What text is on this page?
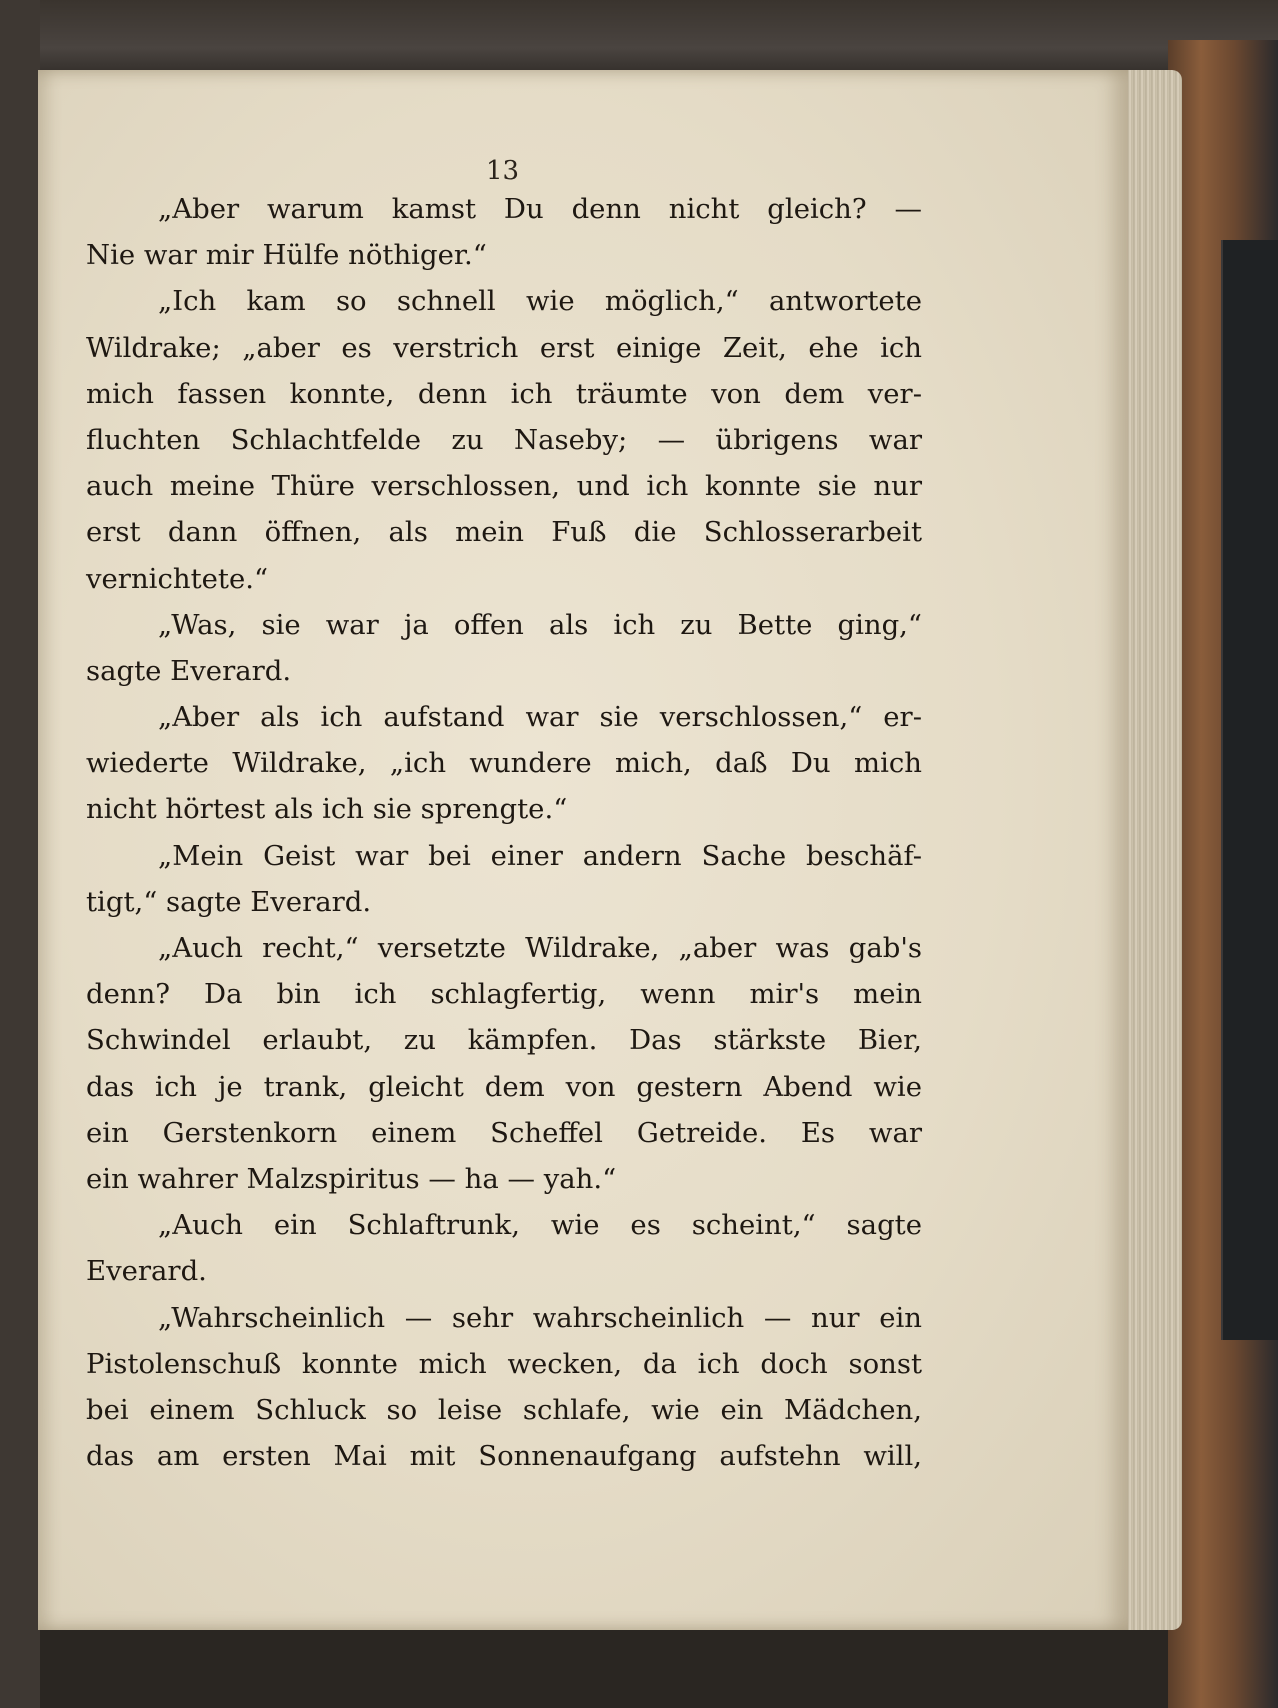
13
„Aber warum kamst Du denn nicht gleich? —
Nie war mir Hülfe nöthiger.“
„Ich kam so schnell wie möglich,“ antwortete
Wildrake; „aber es verstrich erst einige Zeit, ehe ich
mich fassen konnte, denn ich träumte von dem ver-
fluchten Schlachtfelde zu Naseby; — übrigens war
auch meine Thüre verschlossen, und ich konnte sie nur
erst dann öffnen, als mein Fuß die Schlosserarbeit
vernichtete.“
„Was, sie war ja offen als ich zu Bette ging,“
sagte Everard.
„Aber als ich aufstand war sie verschlossen,“ er-
wiederte Wildrake, „ich wundere mich, daß Du mich
nicht hörtest als ich sie sprengte.“
„Mein Geist war bei einer andern Sache beschäf-
tigt,“ sagte Everard.
„Auch recht,“ versetzte Wildrake, „aber was gab's
denn? Da bin ich schlagfertig, wenn mir's mein
Schwindel erlaubt, zu kämpfen. Das stärkste Bier,
das ich je trank, gleicht dem von gestern Abend wie
ein Gerstenkorn einem Scheffel Getreide. Es war
ein wahrer Malzspiritus — ha — yah.“
„Auch ein Schlaftrunk, wie es scheint,“ sagte
Everard.
„Wahrscheinlich — sehr wahrscheinlich — nur ein
Pistolenschuß konnte mich wecken, da ich doch sonst
bei einem Schluck so leise schlafe, wie ein Mädchen,
das am ersten Mai mit Sonnenaufgang aufstehn will,
